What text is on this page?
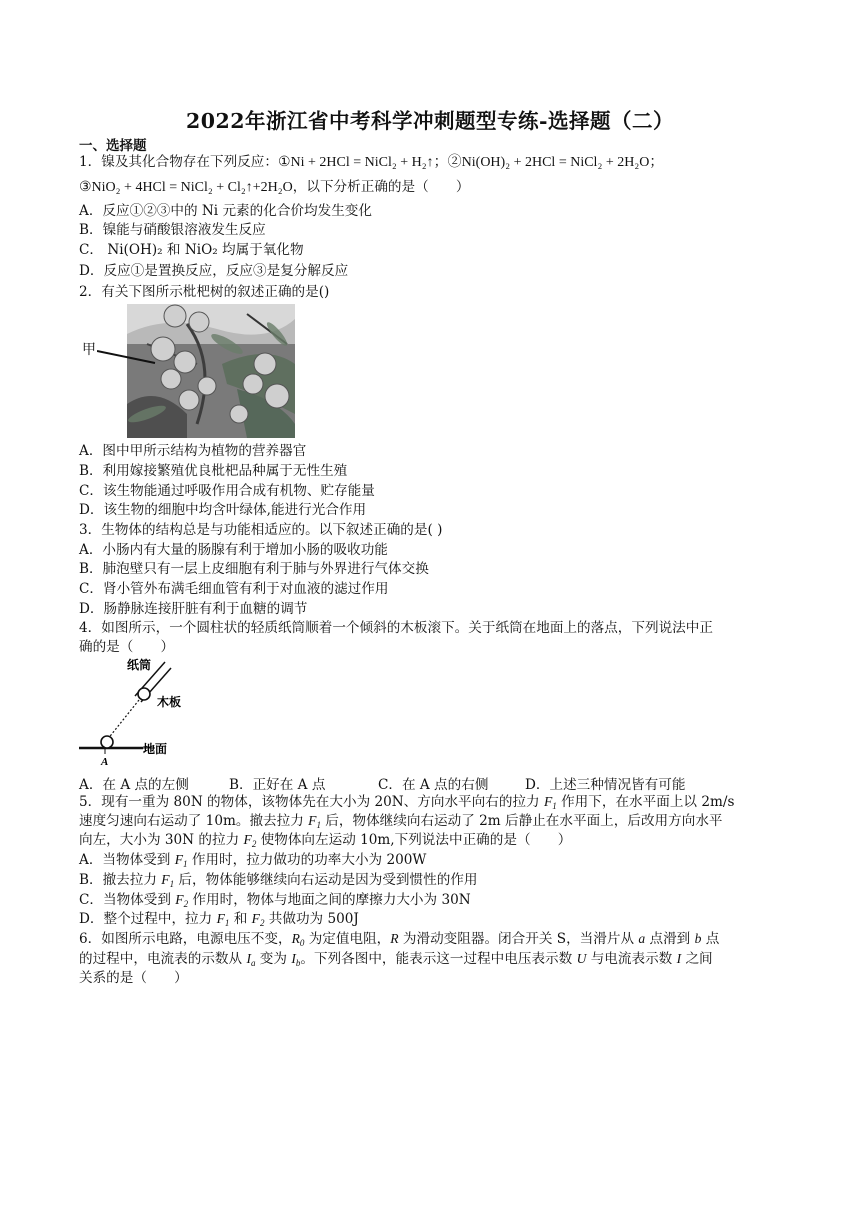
2022年浙江省中考科学冲刺题型专练-选择题（二）
一、选择题
1．镍及其化合物存在下列反应：①Ni + 2HCl = NiCl₂ + H₂↑；②Ni(OH)₂ + 2HCl = NiCl₂ + 2H₂O；
③NiO₂ + 4HCl = NiCl₂ + Cl₂↑+2H₂O，以下分析正确的是（　　）
A．反应①②③中的 Ni 元素的化合价均发生变化
B．镍能与硝酸银溶液发生反应
C． Ni(OH)₂ 和 NiO₂ 均属于氧化物
D．反应①是置换反应，反应③是复分解反应
2．有关下图所示枇杷树的叙述正确的是()
甲
A．图中甲所示结构为植物的营养器官
B．利用嫁接繁殖优良枇杷品种属于无性生殖
C．该生物能通过呼吸作用合成有机物、贮存能量
D．该生物的细胞中均含叶绿体,能进行光合作用
3．生物体的结构总是与功能相适应的。以下叙述正确的是( )
A．小肠内有大量的肠腺有利于增加小肠的吸收功能
B．肺泡壁只有一层上皮细胞有利于肺与外界进行气体交换
C．肾小管外布满毛细血管有利于对血液的滤过作用
D．肠静脉连接肝脏有利于血糖的调节
4．如图所示，一个圆柱状的轻质纸筒顺着一个倾斜的木板滚下。关于纸筒在地面上的落点，下列说法中正
确的是（　　）
纸筒
木板
地面
A
A．在 A 点的左侧	B．正好在 A 点	C．在 A 点的右侧	D．上述三种情况皆有可能
5．现有一重为 80N 的物体，该物体先在大小为 20N、方向水平向右的拉力 $F_1$ 作用下，在水平面上以 2m/s
速度匀速向右运动了 10m。撤去拉力 $F_1$ 后，物体继续向右运动了 2m 后静止在水平面上，后改用方向水平
向左，大小为 30N 的拉力 $F_2$ 使物体向左运动 10m,下列说法中正确的是（　　）
A．当物体受到 $F_1$ 作用时，拉力做功的功率大小为 200W
B．撤去拉力 $F_1$ 后，物体能够继续向右运动是因为受到惯性的作用
C．当物体受到 $F_2$ 作用时，物体与地面之间的摩擦力大小为 30N
D．整个过程中，拉力 $F_1$ 和 $F_2$ 共做功为 500J
6．如图所示电路，电源电压不变，$R_0$ 为定值电阻，R 为滑动变阻器。闭合开关 S，当滑片从 a 点滑到 b 点
的过程中，电流表的示数从 $I_a$ 变为 $I_b$。下列各图中，能表示这一过程中电压表示数 U 与电流表示数 I 之间
关系的是（　　）
